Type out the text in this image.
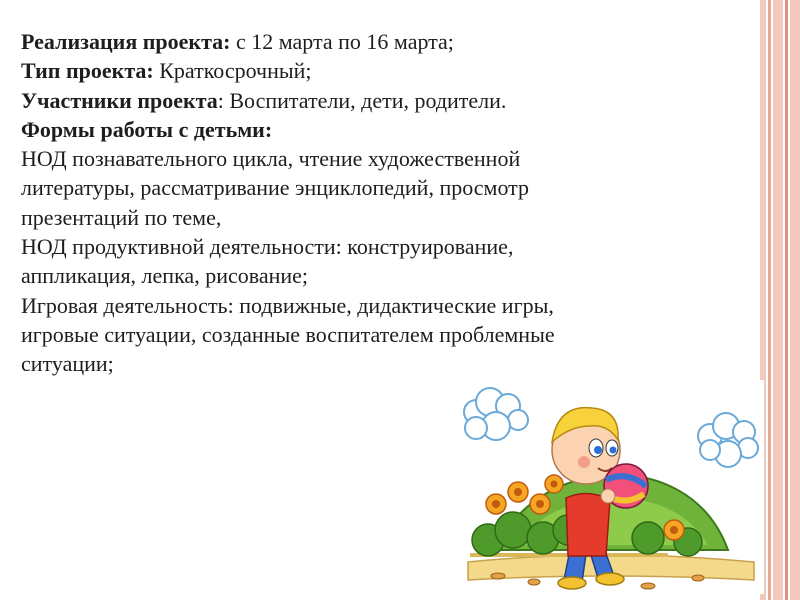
Реализация проекта: с 12 марта по 16 марта;
Тип проекта: Краткосрочный;
Участники проекта: Воспитатели, дети, родители.
Формы работы с детьми:
НОД познавательного цикла, чтение художественной
литературы, рассматривание энциклопедий, просмотр
презентаций по теме,
НОД продуктивной деятельности: конструирование,
аппликация, лепка, рисование;
Игровая деятельность: подвижные, дидактические игры,
игровые ситуации, созданные воспитателем проблемные
ситуации;
